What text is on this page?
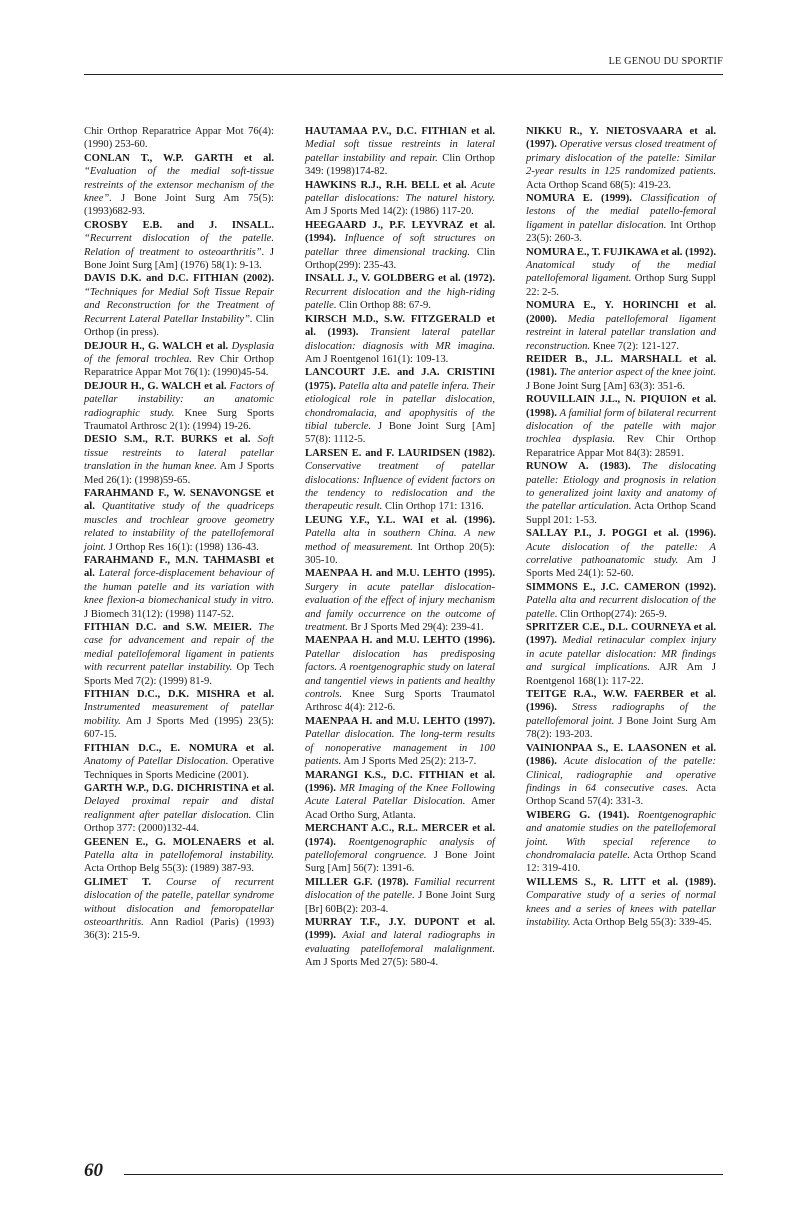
LE GENOU DU SPORTIF

Chir Orthop Reparatrice Appar Mot 76(4): (1990) 253-60.

CONLAN T., W.P. GARTH et al. “Evaluation of the medial soft-tissue restreints of the extensor mechanism of the knee”. J Bone Joint Surg Am 75(5): (1993)682-93.

CROSBY E.B. and J. INSALL. “Recurrent dislocation of the patelle. Relation of treatment to osteoarthritis”. J Bone Joint Surg [Am] (1976) 58(1): 9-13.

DAVIS D.K. and D.C. FITHIAN (2002). “Techniques for Medial Soft Tissue Repair and Reconstruction for the Treatment of Recurrent Lateral Patellar Instability”. Clin Orthop (in press).

DEJOUR H., G. WALCH et al. Dysplasia of the femoral trochlea. Rev Chir Orthop Reparatrice Appar Mot 76(1): (1990)45-54.

DEJOUR H., G. WALCH et al. Factors of patellar instability: an anatomic radiographic study. Knee Surg Sports Traumatol Arthrosc 2(1): (1994) 19-26.

DESIO S.M., R.T. BURKS et al. Soft tissue restreints to lateral patellar translation in the human knee. Am J Sports Med 26(1): (1998)59-65.

FARAHMAND F., W. SENAVONGSE et al. Quantitative study of the quadriceps muscles and trochlear groove geometry related to instability of the patellofemoral joint. J Orthop Res 16(1): (1998) 136-43.

FARAHMAND F., M.N. TAHMASBI et al. Lateral force-displacement behaviour of the human patelle and its variation with knee flexion-a biomechanical study in vitro. J Biomech 31(12): (1998) 1147-52.

FITHIAN D.C. and S.W. MEIER. The case for advancement and repair of the medial patellofemoral ligament in patients with recurrent patellar instability. Op Tech Sports Med 7(2): (1999) 81-9.

FITHIAN D.C., D.K. MISHRA et al. Instrumented measurement of patellar mobility. Am J Sports Med (1995) 23(5): 607-15.

FITHIAN D.C., E. NOMURA et al. Anatomy of Patellar Dislocation. Operative Techniques in Sports Medicine (2001).

GARTH W.P., D.G. DICHRISTINA et al. Delayed proximal repair and distal realignment after patellar dislocation. Clin Orthop 377: (2000)132-44.

GEENEN E., G. MOLENAERS et al. Patella alta in patellofemoral instability. Acta Orthop Belg 55(3): (1989) 387-93.

GLIMET T. Course of recurrent dislocation of the patelle, patellar syndrome without dislocation and femoropatellar osteoarthritis. Ann Radiol (Paris) (1993) 36(3): 215-9.

HAUTAMAA P.V., D.C. FITHIAN et al. Medial soft tissue restreints in lateral patellar instability and repair. Clin Orthop 349: (1998)174-82.

HAWKINS R.J., R.H. BELL et al. Acute patellar dislocations: The naturel history. Am J Sports Med 14(2): (1986) 117-20.

HEEGAARD J., P.F. LEYVRAZ et al. (1994). Influence of soft structures on patellar three dimensional tracking. Clin Orthop(299): 235-43.

INSALL J., V. GOLDBERG et al. (1972). Recurrent dislocation and the high-riding patelle. Clin Orthop 88: 67-9.

KIRSCH M.D., S.W. FITZGERALD et al. (1993). Transient lateral patellar dislocation: diagnosis with MR imagina. Am J Roentgenol 161(1): 109-13.

LANCOURT J.E. and J.A. CRISTINI (1975). Patella alta and patelle infera. Their etiological role in patellar dislocation, chondromalacia, and apophysitis of the tibial tubercle. J Bone Joint Surg [Am] 57(8): 1112-5.

LARSEN E. and F. LAURIDSEN (1982). Conservative treatment of patellar dislocations: Influence of evident factors on the tendency to redislocation and the therapeutic result. Clin Orthop 171: 1316.

LEUNG Y.F., Y.L. WAI et al. (1996). Patella alta in southern China. A new method of measurement. Int Orthop 20(5): 305-10.

MAENPAA H. and M.U. LEHTO (1995). Surgery in acute patellar dislocation-evaluation of the effect of injury mechanism and family occurrence on the outcome of treatment. Br J Sports Med 29(4): 239-41.

MAENPAA H. and M.U. LEHTO (1996). Patellar dislocation has predisposing factors. A roentgenographic study on lateral and tangentiel views in patients and healthy controls. Knee Surg Sports Traumatol Arthrosc 4(4): 212-6.

MAENPAA H. and M.U. LEHTO (1997). Patellar dislocation. The long-term results of nonoperative management in 100 patients. Am J Sports Med 25(2): 213-7.

MARANGI K.S., D.C. FITHIAN et al. (1996). MR Imaging of the Knee Following Acute Lateral Patellar Dislocation. Amer Acad Ortho Surg, Atlanta.

MERCHANT A.C., R.L. MERCER et al. (1974). Roentgenographic analysis of patellofemoral congruence. J Bone Joint Surg [Am] 56(7): 1391-6.

MILLER G.F. (1978). Familial recurrent dislocation of the patelle. J Bone Joint Surg [Br] 60B(2): 203-4.

MURRAY T.F., J.Y. DUPONT et al. (1999). Axial and lateral radiographs in evaluating patellofemoral malalignment. Am J Sports Med 27(5): 580-4.

NIKKU R., Y. NIETOSVAARA et al. (1997). Operative versus closed treatment of primary dislocation of the patelle: Similar 2-year results in 125 randomized patients. Acta Orthop Scand 68(5): 419-23.

NOMURA E. (1999). Classification of lestons of the medial patello-femoral ligament in patellar dislocation. Int Orthop 23(5): 260-3.

NOMURA E., T. FUJIKAWA et al. (1992). Anatomical study of the medial patellofemoral ligament. Orthop Surg Suppl 22: 2-5.

NOMURA E., Y. HORINCHI et al. (2000). Media patellofemoral ligament restreint in lateral patellar translation and reconstruction. Knee 7(2): 121-127.

REIDER B., J.L. MARSHALL et al. (1981). The anterior aspect of the knee joint. J Bone Joint Surg [Am] 63(3): 351-6.

ROUVILLAIN J.L., N. PIQUION et al. (1998). A familial form of bilateral recurrent dislocation of the patelle with major trochlea dysplasia. Rev Chir Orthop Reparatrice Appar Mot 84(3): 28591.

RUNOW A. (1983). The dislocating patelle: Etiology and prognosis in relation to generalized joint laxity and anatomy of the patellar articulation. Acta Orthop Scand Suppl 201: 1-53.

SALLAY P.I., J. POGGI et al. (1996). Acute dislocation of the patelle: A correlative pathoanatomic study. Am J Sports Med 24(1): 52-60.

SIMMONS E., J.C. CAMERON (1992). Patella alta and recurrent dislocation of the patelle. Clin Orthop(274): 265-9.

SPRITZER C.E., D.L. COURNEYA et al. (1997). Medial retinacular complex injury in acute patellar dislocation: MR findings and surgical implications. AJR Am J Roentgenol 168(1): 117-22.

TEITGE R.A., W.W. FAERBER et al. (1996). Stress radiographs of the patellofemoral joint. J Bone Joint Surg Am 78(2): 193-203.

VAINIONPAA S., E. LAASONEN et al. (1986). Acute dislocation of the patelle: Clinical, radiographie and operative findings in 64 consecutive cases. Acta Orthop Scand 57(4): 331-3.

WIBERG G. (1941). Roentgenographic and anatomie studies on the patellofemoral joint. With special reference to chondromalacia patelle. Acta Orthop Scand 12: 319-410.

WILLEMS S., R. LITT et al. (1989). Comparative study of a series of normal knees and a series of knees with patellar instability. Acta Orthop Belg 55(3): 339-45.

60
